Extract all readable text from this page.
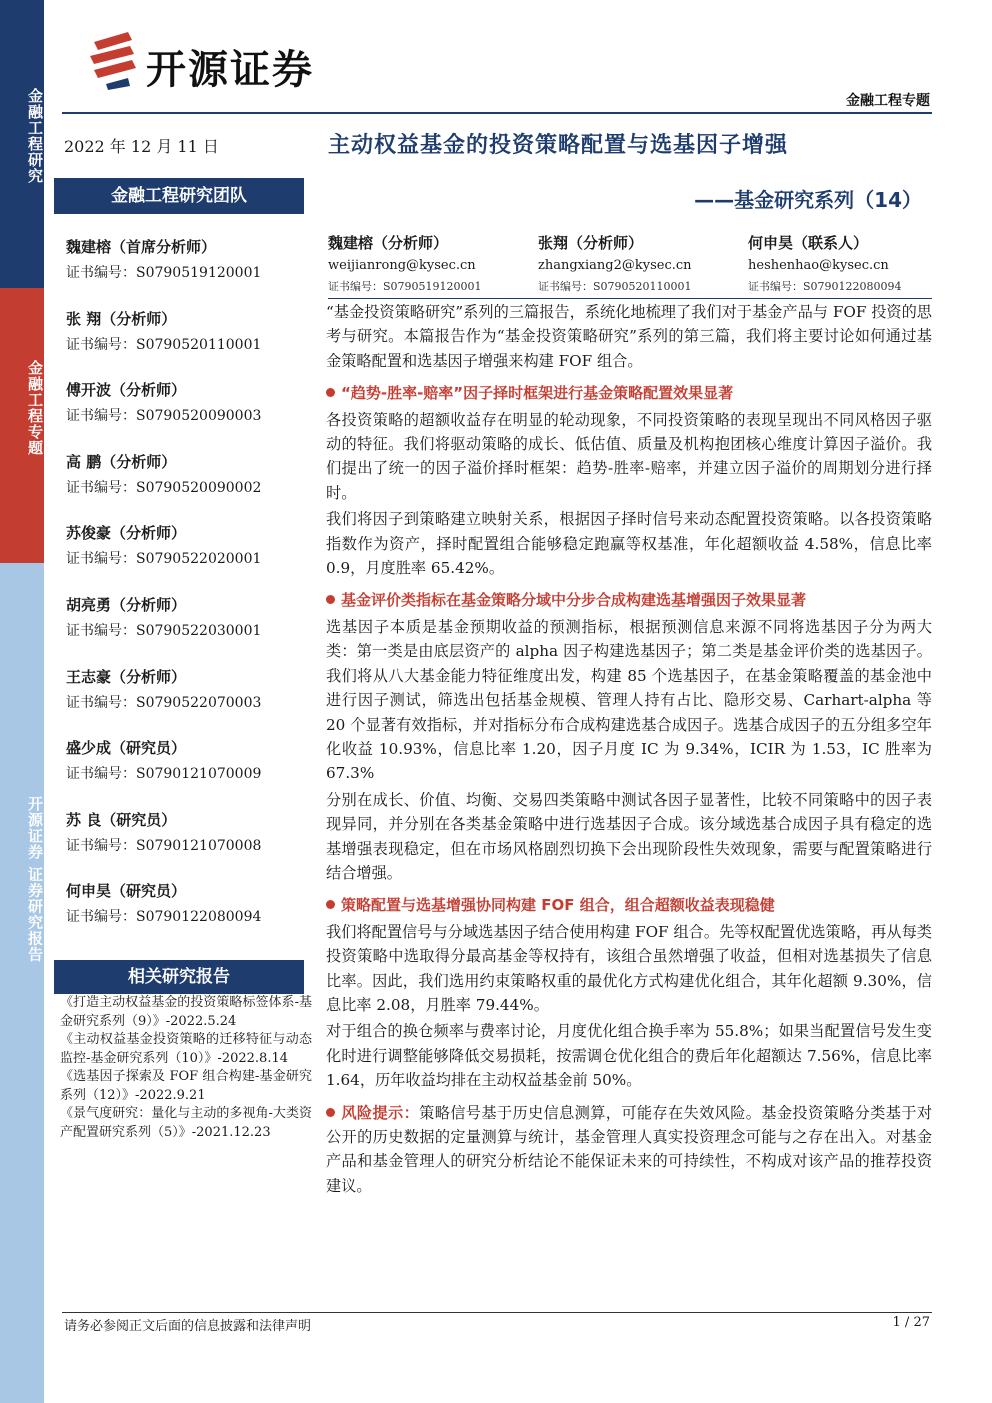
金融工程研究
金融工程专题
开源证券 证券研究报告
开源证券
金融工程专题
2022 年 12 月 11 日	主动权益基金的投资策略配置与选基因子增强
——基金研究系列（14）
金融工程研究团队
魏建榕（首席分析师）
证书编号：S0790519120001
张 翔（分析师）
证书编号：S0790520110001
傅开波（分析师）
证书编号：S0790520090003
高 鹏（分析师）
证书编号：S0790520090002
苏俊豪（分析师）
证书编号：S0790522020001
胡亮勇（分析师）
证书编号：S0790522030001
王志豪（分析师）
证书编号：S0790522070003
盛少成（研究员）
证书编号：S0790121070009
苏 良（研究员）
证书编号：S0790121070008
何申昊（研究员）
证书编号：S0790122080094
相关研究报告
《打造主动权益基金的投资策略标签体系-基金研究系列（9）》-2022.5.24
《主动权益基金投资策略的迁移特征与动态监控-基金研究系列（10）》-2022.8.14
《选基因子探索及 FOF 组合构建-基金研究系列（12）》-2022.9.21
《景气度研究：量化与主动的多视角-大类资产配置研究系列（5）》-2021.12.23
魏建榕（分析师）
weijianrong@kysec.cn
证书编号：S0790519120001
张翔（分析师）
zhangxiang2@kysec.cn
证书编号：S0790520110001
何申昊（联系人）
heshenhao@kysec.cn
证书编号：S0790122080094

“基金投资策略研究”系列的三篇报告，系统化地梳理了我们对于基金产品与 FOF 投资的思考与研究。本篇报告作为“基金投资策略研究”系列的第三篇，我们将主要讨论如何通过基金策略配置和选基因子增强来构建 FOF 组合。

“趋势-胜率-赔率”因子择时框架进行基金策略配置效果显著

各投资策略的超额收益存在明显的轮动现象，不同投资策略的表现呈现出不同风格因子驱动的特征。我们将驱动策略的成长、低估值、质量及机构抱团核心维度计算因子溢价。我们提出了统一的因子溢价择时框架：趋势-胜率-赔率，并建立因子溢价的周期划分进行择时。

我们将因子到策略建立映射关系，根据因子择时信号来动态配置投资策略。以各投资策略指数作为资产，择时配置组合能够稳定跑赢等权基准，年化超额收益 4.58%，信息比率 0.9，月度胜率 65.42%。

基金评价类指标在基金策略分域中分步合成构建选基增强因子效果显著

选基因子本质是基金预期收益的预测指标，根据预测信息来源不同将选基因子分为两大类：第一类是由底层资产的 alpha 因子构建选基因子；第二类是基金评价类的选基因子。我们将从八大基金能力特征维度出发，构建 85 个选基因子，在基金策略覆盖的基金池中进行因子测试，筛选出包括基金规模、管理人持有占比、隐形交易、Carhart-alpha 等 20 个显著有效指标，并对指标分布合成构建选基合成因子。选基合成因子的五分组多空年化收益 10.93%，信息比率 1.20，因子月度 IC 为 9.34%，ICIR 为 1.53，IC 胜率为 67.3%

分别在成长、价值、均衡、交易四类策略中测试各因子显著性，比较不同策略中的因子表现异同，并分别在各类基金策略中进行选基因子合成。该分域选基合成因子具有稳定的选基增强表现稳定，但在市场风格剧烈切换下会出现阶段性失效现象，需要与配置策略进行结合增强。

策略配置与选基增强协同构建 FOF 组合，组合超额收益表现稳健

我们将配置信号与分域选基因子结合使用构建 FOF 组合。先等权配置优选策略，再从每类投资策略中选取得分最高基金等权持有，该组合虽然增强了收益，但相对选基损失了信息比率。因此，我们选用约束策略权重的最优化方式构建优化组合，其年化超额 9.30%，信息比率 2.08，月胜率 79.44%。

对于组合的换仓频率与费率讨论，月度优化组合换手率为 55.8%；如果当配置信号发生变化时进行调整能够降低交易损耗，按需调仓优化组合的费后年化超额达 7.56%，信息比率 1.64，历年收益均排在主动权益基金前 50%。

风险提示：策略信号基于历史信息测算，可能存在失效风险。基金投资策略分类基于对公开的历史数据的定量测算与统计，基金管理人真实投资理念可能与之存在出入。对基金产品和基金管理人的研究分析结论不能保证未来的可持续性，不构成对该产品的推荐投资建议。

请务必参阅正文后面的信息披露和法律声明	1 / 27
